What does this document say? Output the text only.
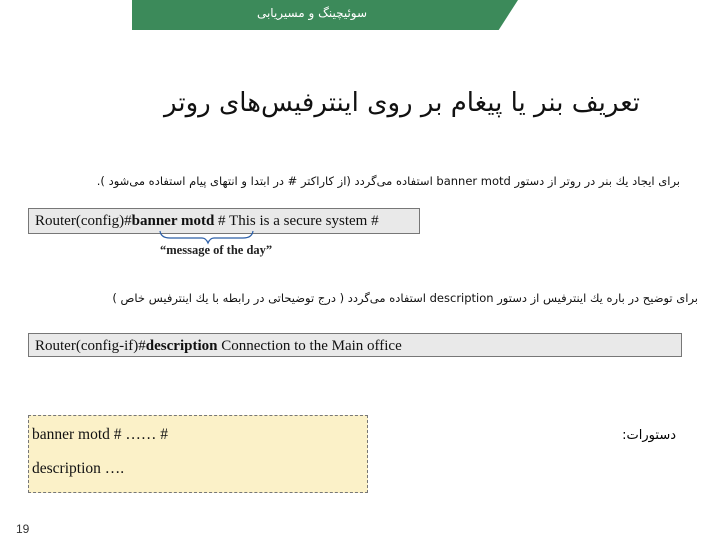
سوئیچینگ و مسیریابی
تعریف بنر یا پیغام بر روی اینترفیس‌های روتر
برای ایجاد یك بنر در روتر از دستور banner motd استفاده می‌گردد (از كاراكتر # در ابتدا و انتهای پیام استفاده می‌شود ).
Router(config)#banner motd # This is a secure system #
“message of the day”
برای توضیح در باره یك اینترفیس از دستور description استفاده می‌گردد ( درج توضیحاتی در رابطه با یك اینترفیس خاص )
Router(config-if)#description Connection to the Main office
banner motd # …… #
description ….
دستورات:
19
